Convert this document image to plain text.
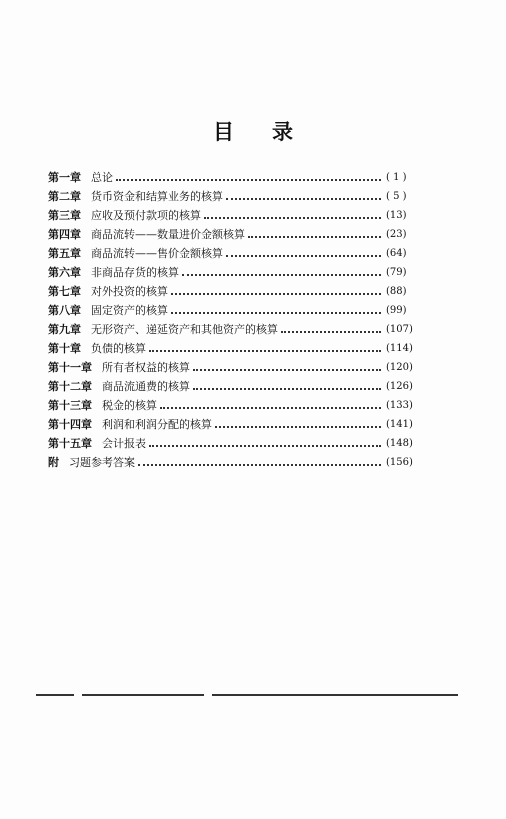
目 录
第一章 总论	( 1 )
第二章 货币资金和结算业务的核算	( 5 )
第三章 应收及预付款项的核算	(13)
第四章 商品流转——数量进价金额核算	(23)
第五章 商品流转——售价金额核算	(64)
第六章 非商品存货的核算	(79)
第七章 对外投资的核算	(88)
第八章 固定资产的核算	(99)
第九章 无形资产、递延资产和其他资产的核算	(107)
第十章 负债的核算	(114)
第十一章 所有者权益的核算	(120)
第十二章 商品流通费的核算	(126)
第十三章 税金的核算	(133)
第十四章 利润和利润分配的核算	(141)
第十五章 会计报表	(148)
附 习题参考答案	(156)
